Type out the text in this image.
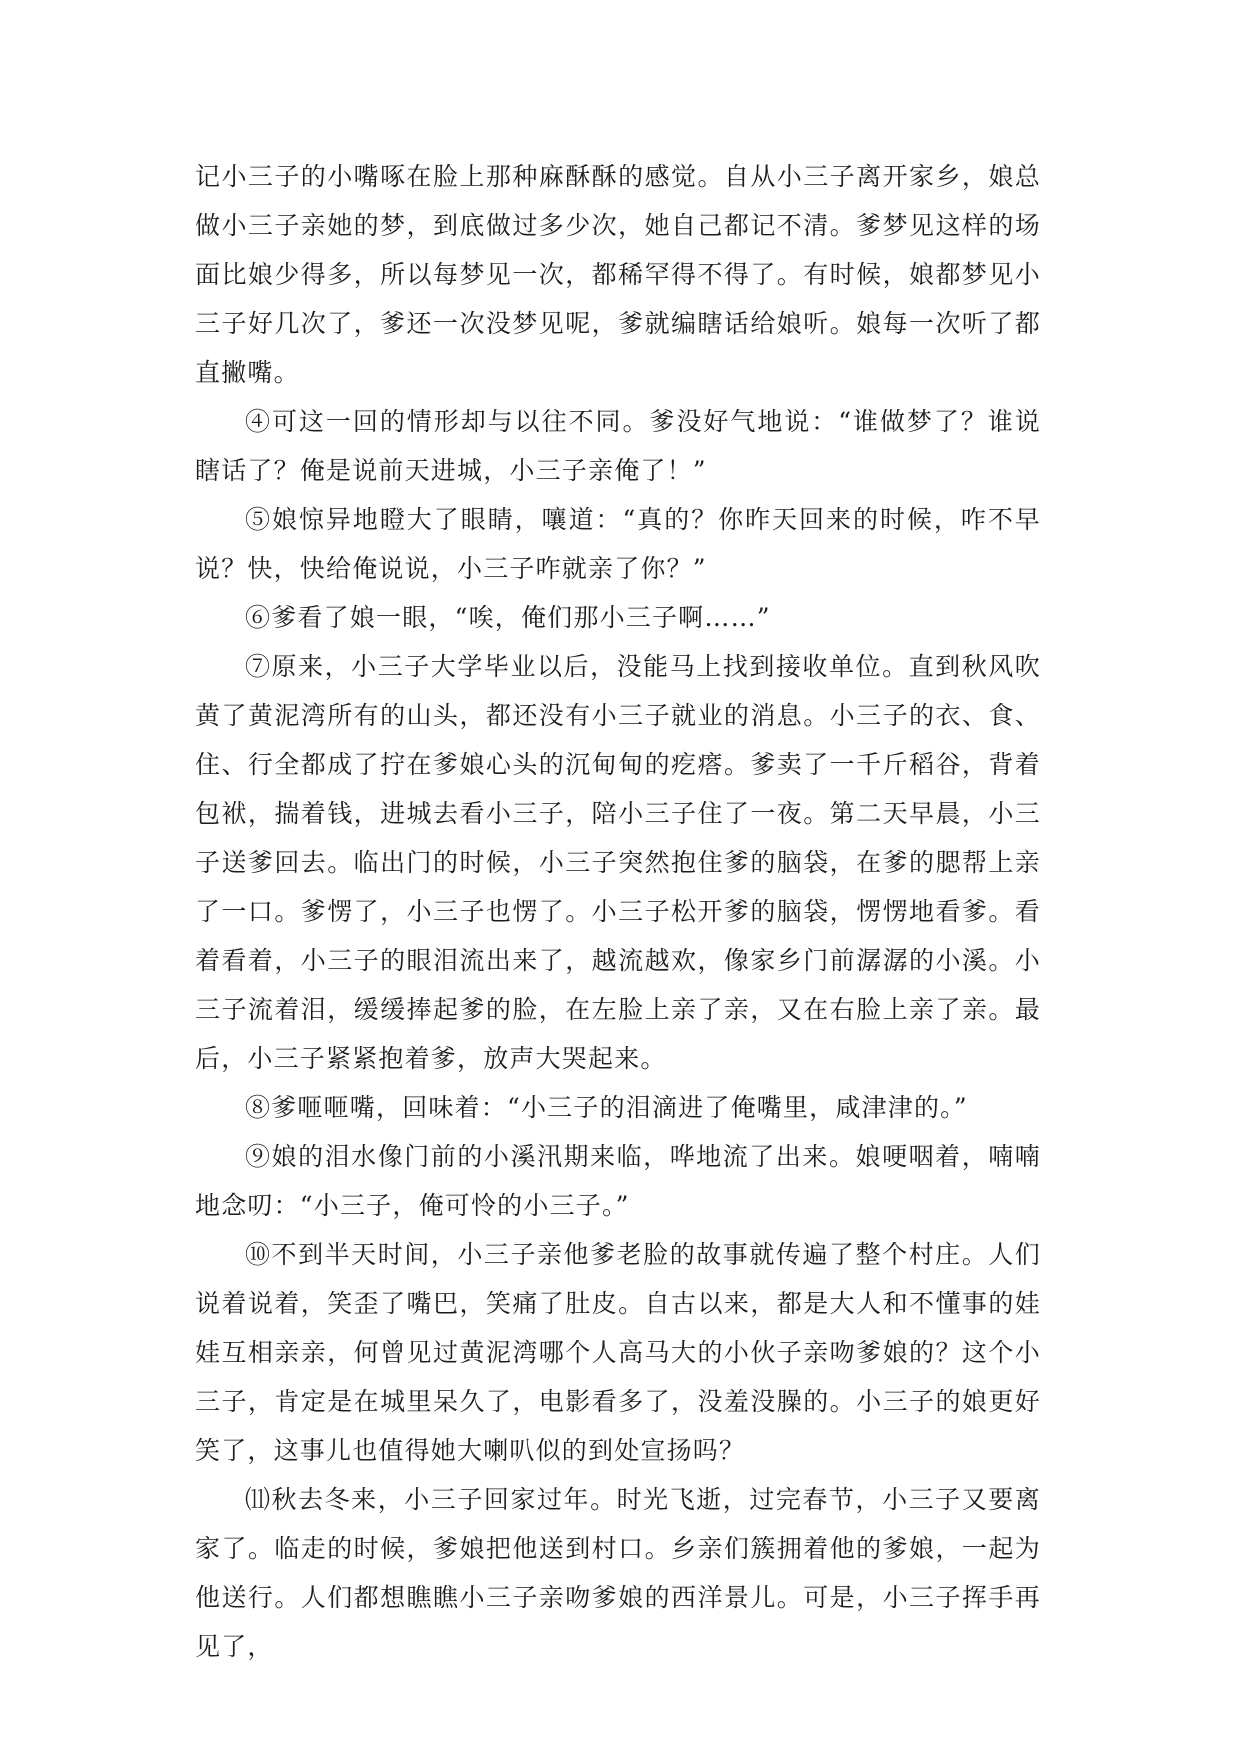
记小三子的小嘴啄在脸上那种麻酥酥的感觉。自从小三子离开家乡，娘总做小三子亲她的梦，到底做过多少次，她自己都记不清。爹梦见这样的场面比娘少得多，所以每梦见一次，都稀罕得不得了。有时候，娘都梦见小三子好几次了，爹还一次没梦见呢，爹就编瞎话给娘听。娘每一次听了都直撇嘴。

④可这一回的情形却与以往不同。爹没好气地说：“谁做梦了？谁说瞎话了？俺是说前天进城，小三子亲俺了！”

⑤娘惊异地瞪大了眼睛，嚷道：“真的？你昨天回来的时候，咋不早说？快，快给俺说说，小三子咋就亲了你？”

⑥爹看了娘一眼，“唉，俺们那小三子啊……”

⑦原来，小三子大学毕业以后，没能马上找到接收单位。直到秋风吹黄了黄泥湾所有的山头，都还没有小三子就业的消息。小三子的衣、食、住、行全都成了拧在爹娘心头的沉甸甸的疙瘩。爹卖了一千斤稻谷，背着包袱，揣着钱，进城去看小三子，陪小三子住了一夜。第二天早晨，小三子送爹回去。临出门的时候，小三子突然抱住爹的脑袋，在爹的腮帮上亲了一口。爹愣了，小三子也愣了。小三子松开爹的脑袋，愣愣地看爹。看着看着，小三子的眼泪流出来了，越流越欢，像家乡门前潺潺的小溪。小三子流着泪，缓缓捧起爹的脸，在左脸上亲了亲，又在右脸上亲了亲。最后，小三子紧紧抱着爹，放声大哭起来。

⑧爹咂咂嘴，回味着：“小三子的泪滴进了俺嘴里，咸津津的。”

⑨娘的泪水像门前的小溪汛期来临，哗地流了出来。娘哽咽着，喃喃地念叨：“小三子，俺可怜的小三子。”

⑩不到半天时间，小三子亲他爹老脸的故事就传遍了整个村庄。人们说着说着，笑歪了嘴巴，笑痛了肚皮。自古以来，都是大人和不懂事的娃娃互相亲亲，何曾见过黄泥湾哪个人高马大的小伙子亲吻爹娘的？这个小三子，肯定是在城里呆久了，电影看多了，没羞没臊的。小三子的娘更好笑了，这事儿也值得她大喇叭似的到处宣扬吗？

⑾秋去冬来，小三子回家过年。时光飞逝，过完春节，小三子又要离家了。临走的时候，爹娘把他送到村口。乡亲们簇拥着他的爹娘，一起为他送行。人们都想瞧瞧小三子亲吻爹娘的西洋景儿。可是，小三子挥手再见了，
